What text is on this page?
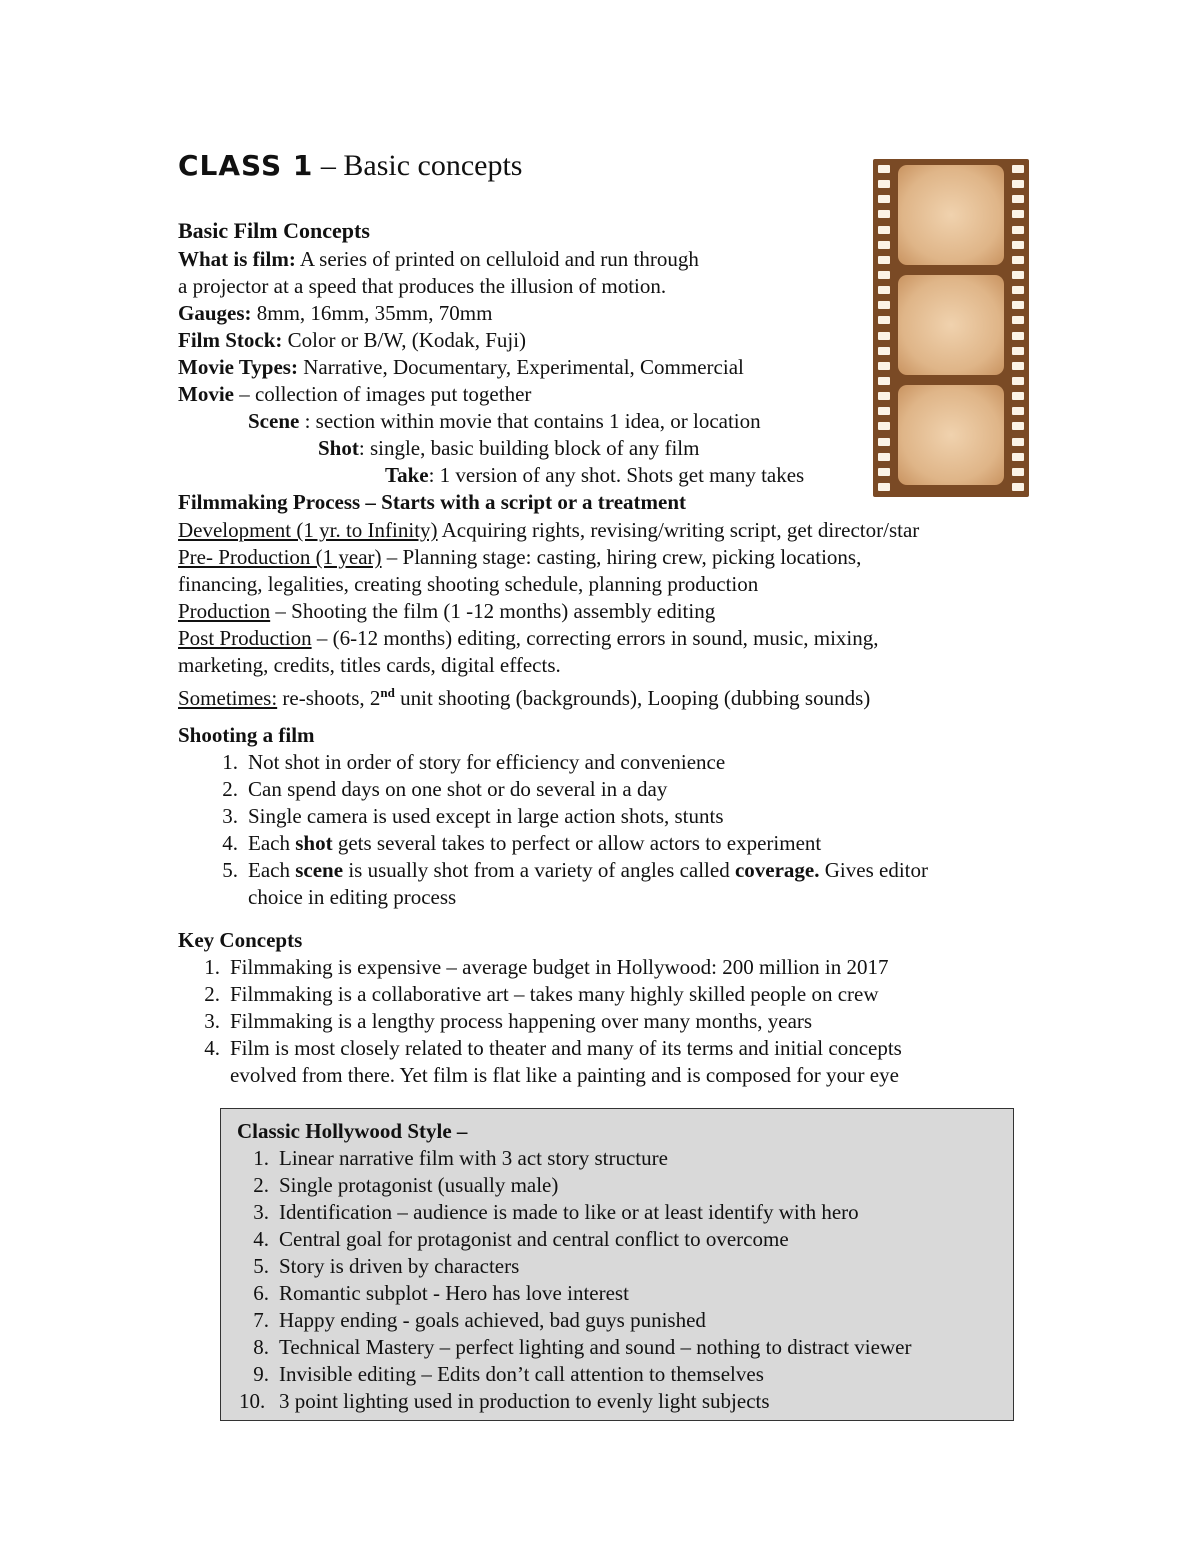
CLASS 1 – Basic concepts
Basic Film Concepts
What is film: A series of printed on celluloid and run through
a projector at a speed that produces the illusion of motion.
Gauges: 8mm, 16mm, 35mm, 70mm
Film Stock: Color or B/W, (Kodak, Fuji)
Movie Types: Narrative, Documentary, Experimental, Commercial
Movie – collection of images put together
Scene : section within movie that contains 1 idea, or location
Shot: single, basic building block of any film
Take: 1 version of any shot. Shots get many takes
Filmmaking Process – Starts with a script or a treatment
Development (1 yr. to Infinity) Acquiring rights, revising/writing script, get director/star
Pre- Production (1 year) – Planning stage: casting, hiring crew, picking locations,
financing, legalities, creating shooting schedule, planning production
Production – Shooting the film (1 -12 months) assembly editing
Post Production – (6-12 months) editing, correcting errors in sound, music, mixing,
marketing, credits, titles cards, digital effects.
Sometimes: re-shoots, 2nd unit shooting (backgrounds), Looping (dubbing sounds)
Shooting a film
1. Not shot in order of story for efficiency and convenience
2. Can spend days on one shot or do several in a day
3. Single camera is used except in large action shots, stunts
4. Each shot gets several takes to perfect or allow actors to experiment
5. Each scene is usually shot from a variety of angles called coverage. Gives editor
choice in editing process
Key Concepts
1. Filmmaking is expensive – average budget in Hollywood: 200 million in 2017
2. Filmmaking is a collaborative art – takes many highly skilled people on crew
3. Filmmaking is a lengthy process happening over many months, years
4. Film is most closely related to theater and many of its terms and initial concepts
evolved from there. Yet film is flat like a painting and is composed for your eye
Classic Hollywood Style –
1. Linear narrative film with 3 act story structure
2. Single protagonist (usually male)
3. Identification – audience is made to like or at least identify with hero
4. Central goal for protagonist and central conflict to overcome
5. Story is driven by characters
6. Romantic subplot - Hero has love interest
7. Happy ending - goals achieved, bad guys punished
8. Technical Mastery – perfect lighting and sound – nothing to distract viewer
9. Invisible editing – Edits don’t call attention to themselves
10. 3 point lighting used in production to evenly light subjects
